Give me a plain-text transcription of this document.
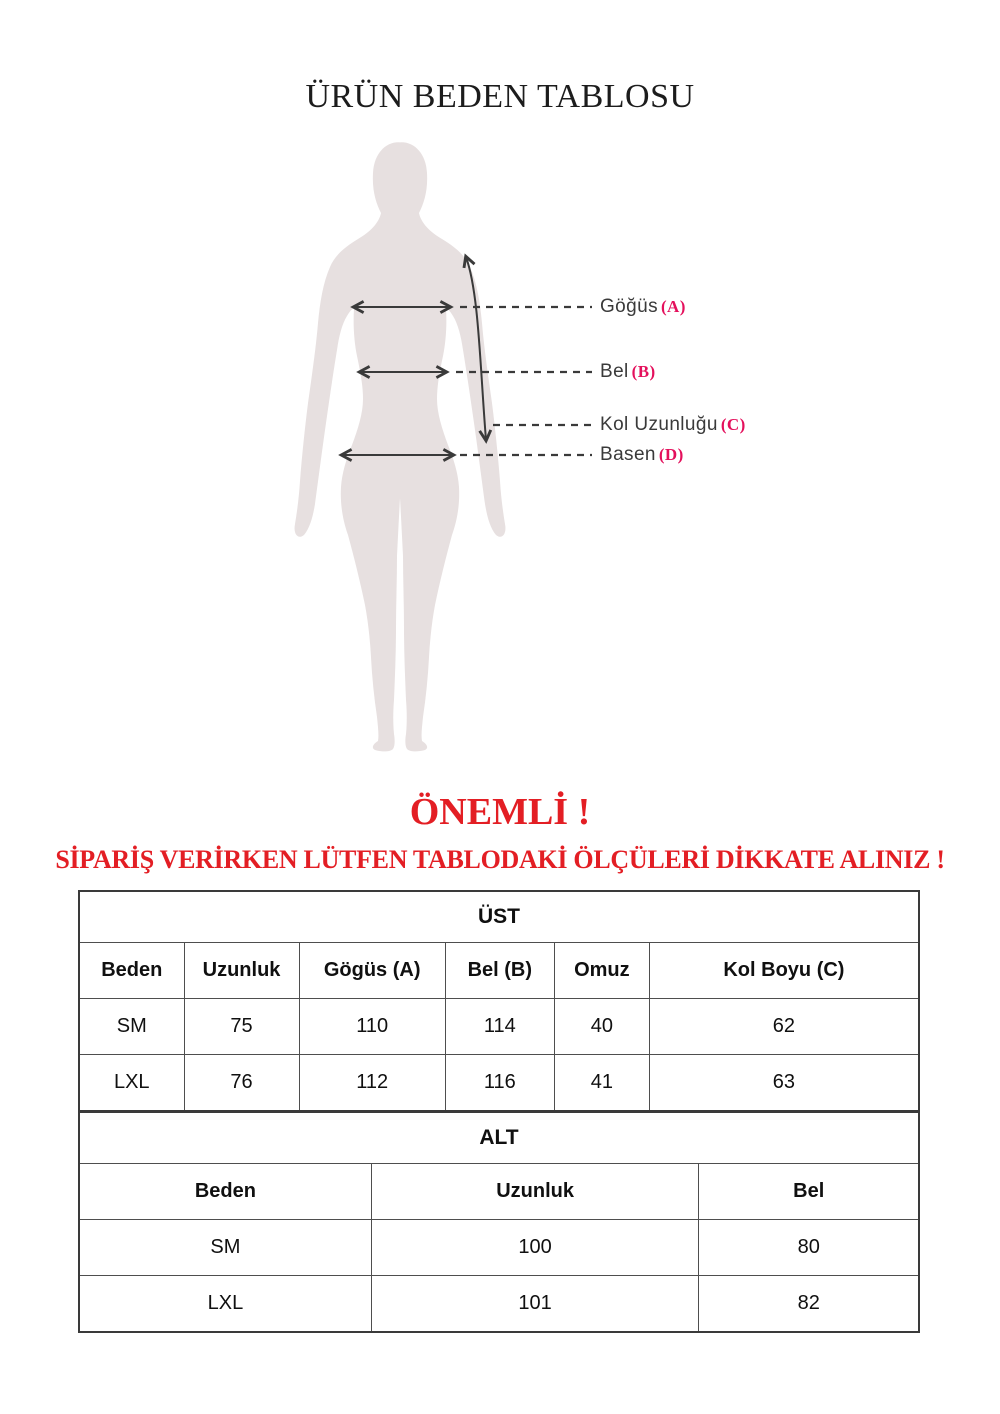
ÜRÜN BEDEN TABLOSU
Göğüs (A)
Bel (B)
Kol Uzunluğu (C)
Basen (D)
ÖNEMLİ !
SİPARİŞ VERİRKEN LÜTFEN TABLODAKİ ÖLÇÜLERİ DİKKATE ALINIZ !
ÜST					
Beden	Uzunluk	Gögüs (A)	Bel (B)	Omuz	Kol Boyu (C)
SM	75	110	114	40	62
LXL	76	112	116	41	63
ALT		
Beden	Uzunluk	Bel
SM	100	80
LXL	101	82
